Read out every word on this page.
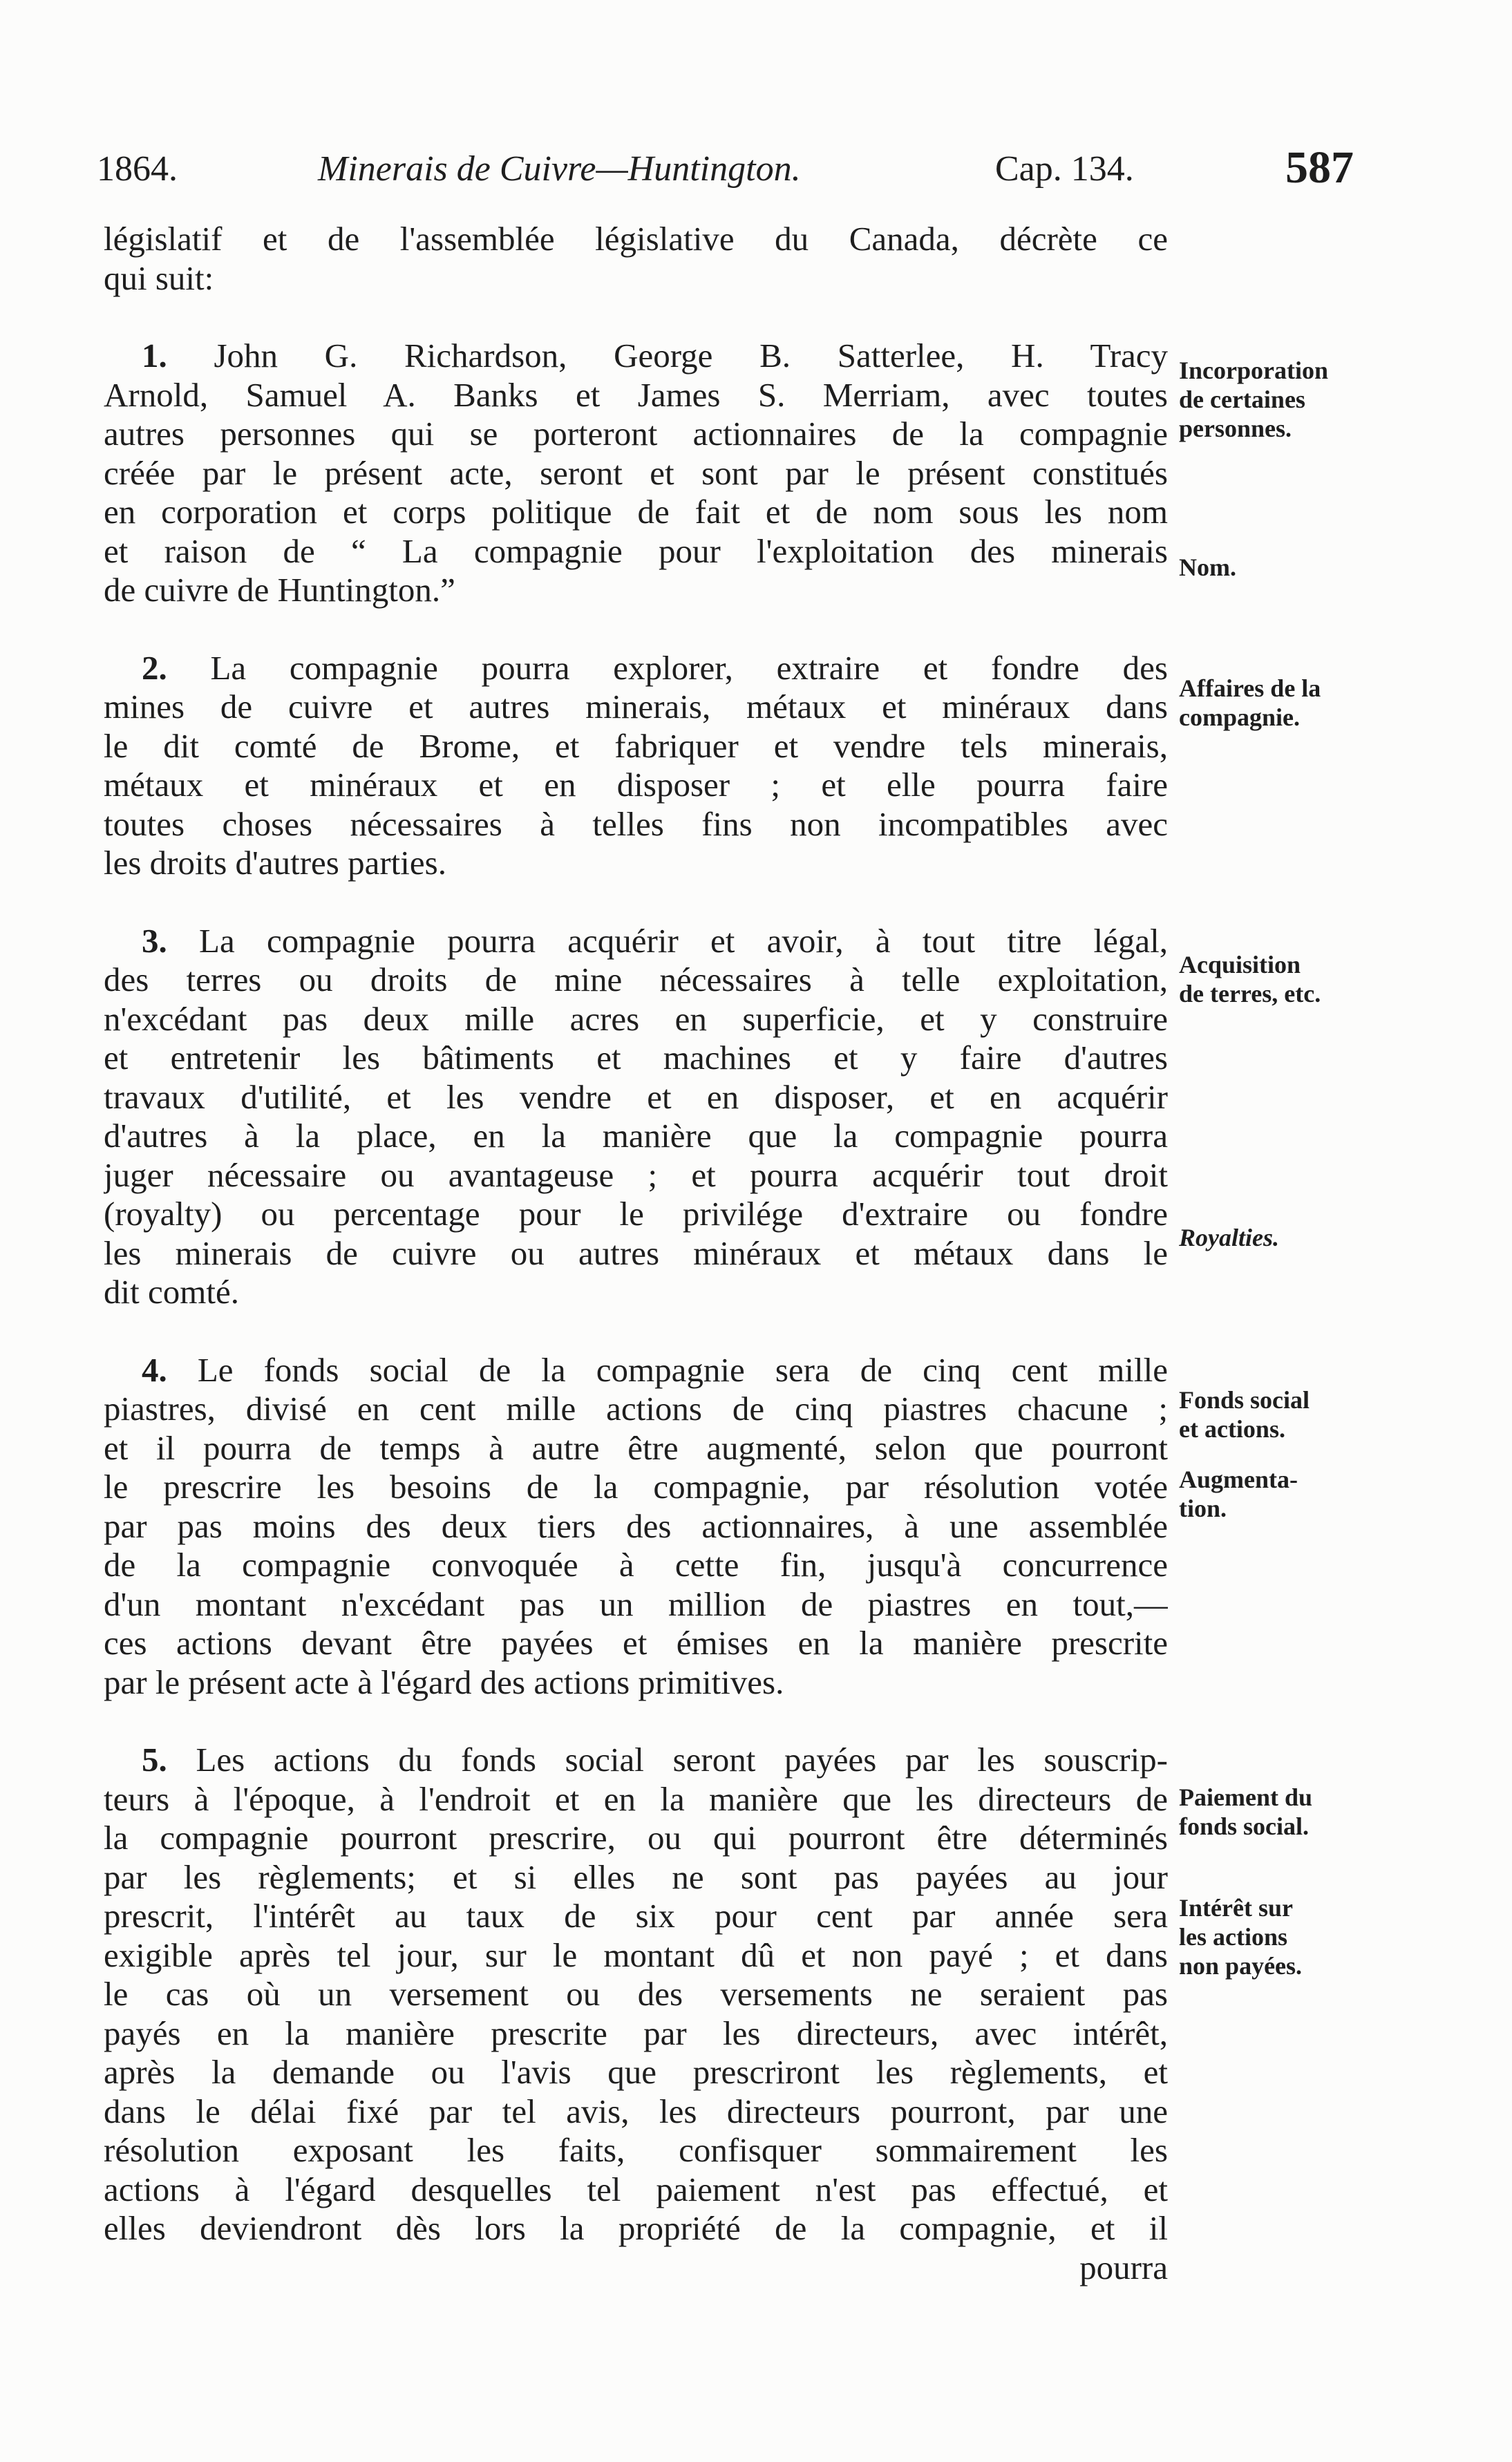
1864.	Minerais de Cuivre—Huntington.	Cap. 134.	587
législatif et de l'assemblée législative du Canada, décrète ce
qui suit:
1. John G. Richardson, George B. Satterlee, H. Tracy
Arnold, Samuel A. Banks et James S. Merriam, avec toutes
autres personnes qui se porteront actionnaires de la compagnie
créée par le présent acte, seront et sont par le présent constitués
en corporation et corps politique de fait et de nom sous les nom
et raison de “ La compagnie pour l'exploitation des minerais
de cuivre de Huntington.”
2. La compagnie pourra explorer, extraire et fondre des
mines de cuivre et autres minerais, métaux et minéraux dans
le dit comté de Brome, et fabriquer et vendre tels minerais,
métaux et minéraux et en disposer ; et elle pourra faire
toutes choses nécessaires à telles fins non incompatibles avec
les droits d'autres parties.
3. La compagnie pourra acquérir et avoir, à tout titre légal,
des terres ou droits de mine nécessaires à telle exploitation,
n'excédant pas deux mille acres en superficie, et y construire
et entretenir les bâtiments et machines et y faire d'autres
travaux d'utilité, et les vendre et en disposer, et en acquérir
d'autres à la place, en la manière que la compagnie pourra
juger nécessaire ou avantageuse ; et pourra acquérir tout droit
(royalty) ou percentage pour le privilége d'extraire ou fondre
les minerais de cuivre ou autres minéraux et métaux dans le
dit comté.
4. Le fonds social de la compagnie sera de cinq cent mille
piastres, divisé en cent mille actions de cinq piastres chacune ;
et il pourra de temps à autre être augmenté, selon que pourront
le prescrire les besoins de la compagnie, par résolution votée
par pas moins des deux tiers des actionnaires, à une assemblée
de la compagnie convoquée à cette fin, jusqu'à concurrence
d'un montant n'excédant pas un million de piastres en tout,—
ces actions devant être payées et émises en la manière prescrite
par le présent acte à l'égard des actions primitives.
5. Les actions du fonds social seront payées par les souscrip-
teurs à l'époque, à l'endroit et en la manière que les directeurs de
la compagnie pourront prescrire, ou qui pourront être déterminés
par les règlements; et si elles ne sont pas payées au jour
prescrit, l'intérêt au taux de six pour cent par année sera
exigible après tel jour, sur le montant dû et non payé ; et dans
le cas où un versement ou des versements ne seraient pas
payés en la manière prescrite par les directeurs, avec intérêt,
après la demande ou l'avis que prescriront les règlements, et
dans le délai fixé par tel avis, les directeurs pourront, par une
résolution exposant les faits, confisquer sommairement les
actions à l'égard desquelles tel paiement n'est pas effectué, et
elles deviendront dès lors la propriété de la compagnie, et il
pourra
Incorporation
de certaines
personnes.
Nom.
Affaires de la
compagnie.
Acquisition
de terres, etc.
Royalties.
Fonds social
et actions.
Augmenta-
tion.
Paiement du
fonds social.
Intérêt sur
les actions
non payées.
